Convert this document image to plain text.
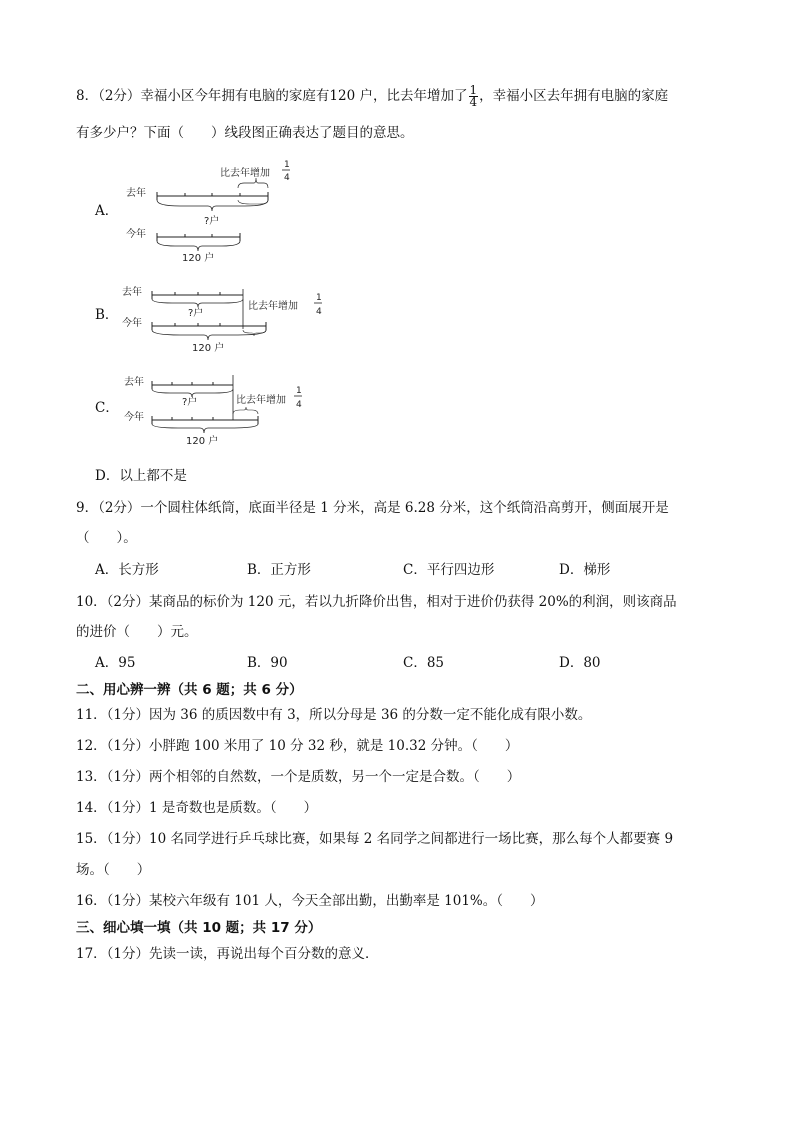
8．（2分）幸福小区今年拥有电脑的家庭有120 户，比去年增加了 $\frac{1}{4}$ ，幸福小区去年拥有电脑的家庭
有多少户？下面（　　）线段图正确表达了题目的意思。
A．
去年
比去年增加
1
4
?户
今年
120 户
B．
去年
?户
比去年增加
1
4
今年
120 户
C．
去年
?户	比去年增加
1
4
今年
120 户
D．以上都不是
9．（2分）一个圆柱体纸筒，底面半径是 1 分米，高是 6.28 分米，这个纸筒沿高剪开，侧面展开是
（　　）。
A．长方形	B．正方形	C．平行四边形	D．梯形
10．（2分）某商品的标价为 120 元，若以九折降价出售，相对于进价仍获得 20%的利润，则该商品
的进价（　　）元。
A．95	B．90	C．85	D．80
二、用心辨一辨（共 6 题；共 6 分）
11．（1分）因为 36 的质因数中有 3，所以分母是 36 的分数一定不能化成有限小数。
12．（1分）小胖跑 100 米用了 10 分 32 秒，就是 10.32 分钟。（　　）
13．（1分）两个相邻的自然数，一个是质数，另一个一定是合数。（　　）
14．（1分）1 是奇数也是质数。（　　）
15．（1分）10 名同学进行乒乓球比赛，如果每 2 名同学之间都进行一场比赛，那么每个人都要赛 9
场。（　　）
16．（1分）某校六年级有 101 人，今天全部出勤，出勤率是 101%。（　　）
三、细心填一填（共 10 题；共 17 分）
17．（1分）先读一读，再说出每个百分数的意义．
